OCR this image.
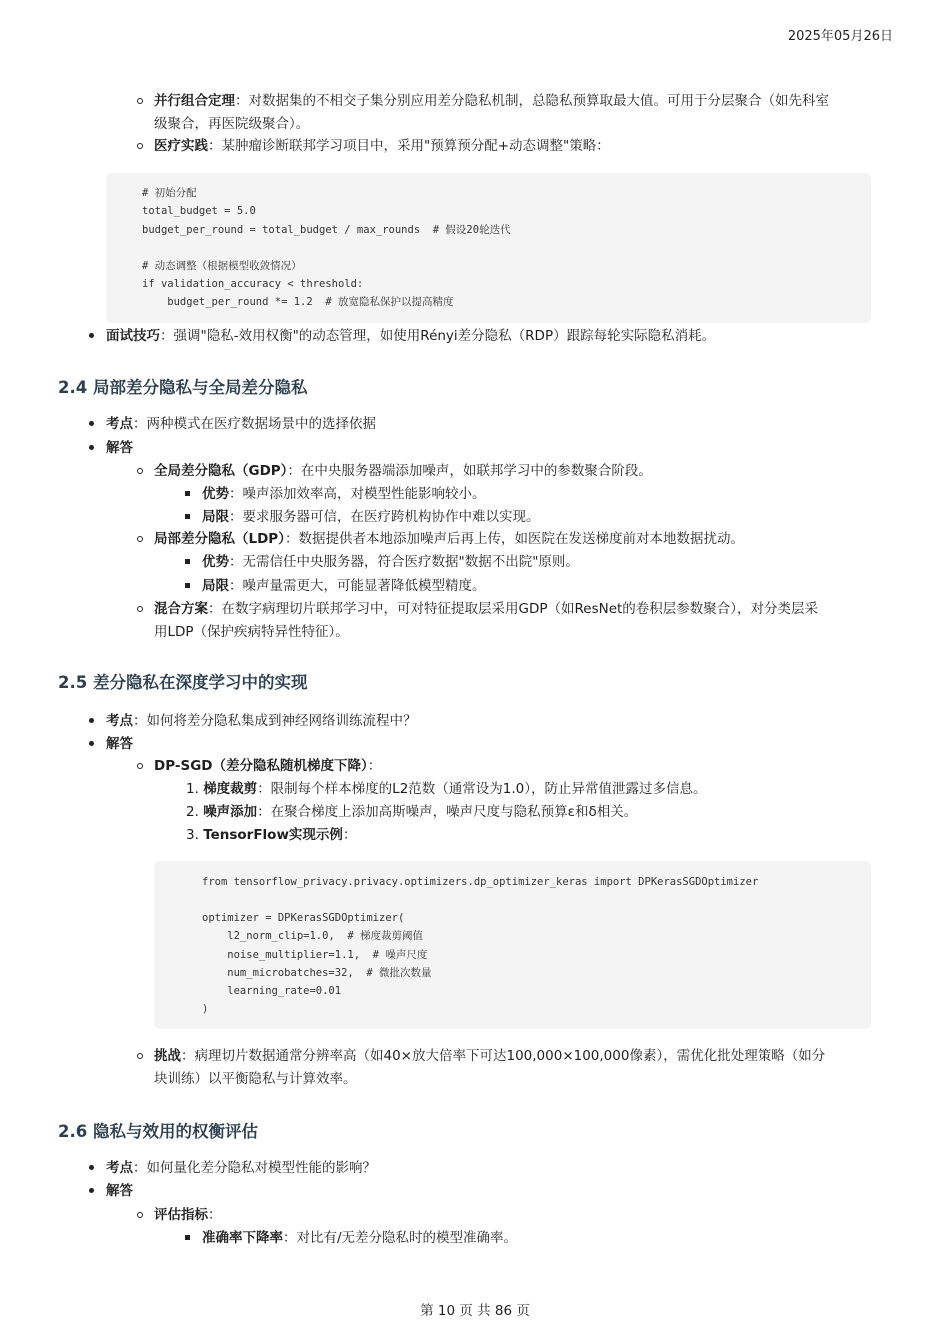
2025年05月26日
并行组合定理：对数据集的不相交子集分别应用差分隐私机制，总隐私预算取最大值。可用于分层聚合（如先科室
级聚合，再医院级聚合）。
医疗实践：某肿瘤诊断联邦学习项目中，采用"预算预分配+动态调整"策略：
# 初始分配
total_budget = 5.0
budget_per_round = total_budget / max_rounds  # 假设20轮迭代
# 动态调整（根据模型收敛情况）
if validation_accuracy < threshold:
budget_per_round *= 1.2  # 放宽隐私保护以提高精度
面试技巧：强调"隐私-效用权衡"的动态管理，如使用Rényi差分隐私（RDP）跟踪每轮实际隐私消耗。
2.4 局部差分隐私与全局差分隐私
考点：两种模式在医疗数据场景中的选择依据
解答
全局差分隐私（GDP）：在中央服务器端添加噪声，如联邦学习中的参数聚合阶段。
优势：噪声添加效率高，对模型性能影响较小。
局限：要求服务器可信，在医疗跨机构协作中难以实现。
局部差分隐私（LDP）：数据提供者本地添加噪声后再上传，如医院在发送梯度前对本地数据扰动。
优势：无需信任中央服务器，符合医疗数据"数据不出院"原则。
局限：噪声量需更大，可能显著降低模型精度。
混合方案：在数字病理切片联邦学习中，可对特征提取层采用GDP（如ResNet的卷积层参数聚合），对分类层采
用LDP（保护疾病特异性特征）。
2.5 差分隐私在深度学习中的实现
考点：如何将差分隐私集成到神经网络训练流程中？
解答
DP-SGD（差分隐私随机梯度下降）：
1. 梯度裁剪：限制每个样本梯度的L2范数（通常设为1.0），防止异常值泄露过多信息。
2. 噪声添加：在聚合梯度上添加高斯噪声，噪声尺度与隐私预算ε和δ相关。
3. TensorFlow实现示例：
from tensorflow_privacy.privacy.optimizers.dp_optimizer_keras import DPKerasSGDOptimizer
optimizer = DPKerasSGDOptimizer(
l2_norm_clip=1.0,  # 梯度裁剪阈值
noise_multiplier=1.1,  # 噪声尺度
num_microbatches=32,  # 微批次数量
learning_rate=0.01
)
挑战：病理切片数据通常分辨率高（如40×放大倍率下可达100,000×100,000像素），需优化批处理策略（如分
块训练）以平衡隐私与计算效率。
2.6 隐私与效用的权衡评估
考点：如何量化差分隐私对模型性能的影响？
解答
评估指标：
准确率下降率：对比有/无差分隐私时的模型准确率。
第 10 页 共 86 页
